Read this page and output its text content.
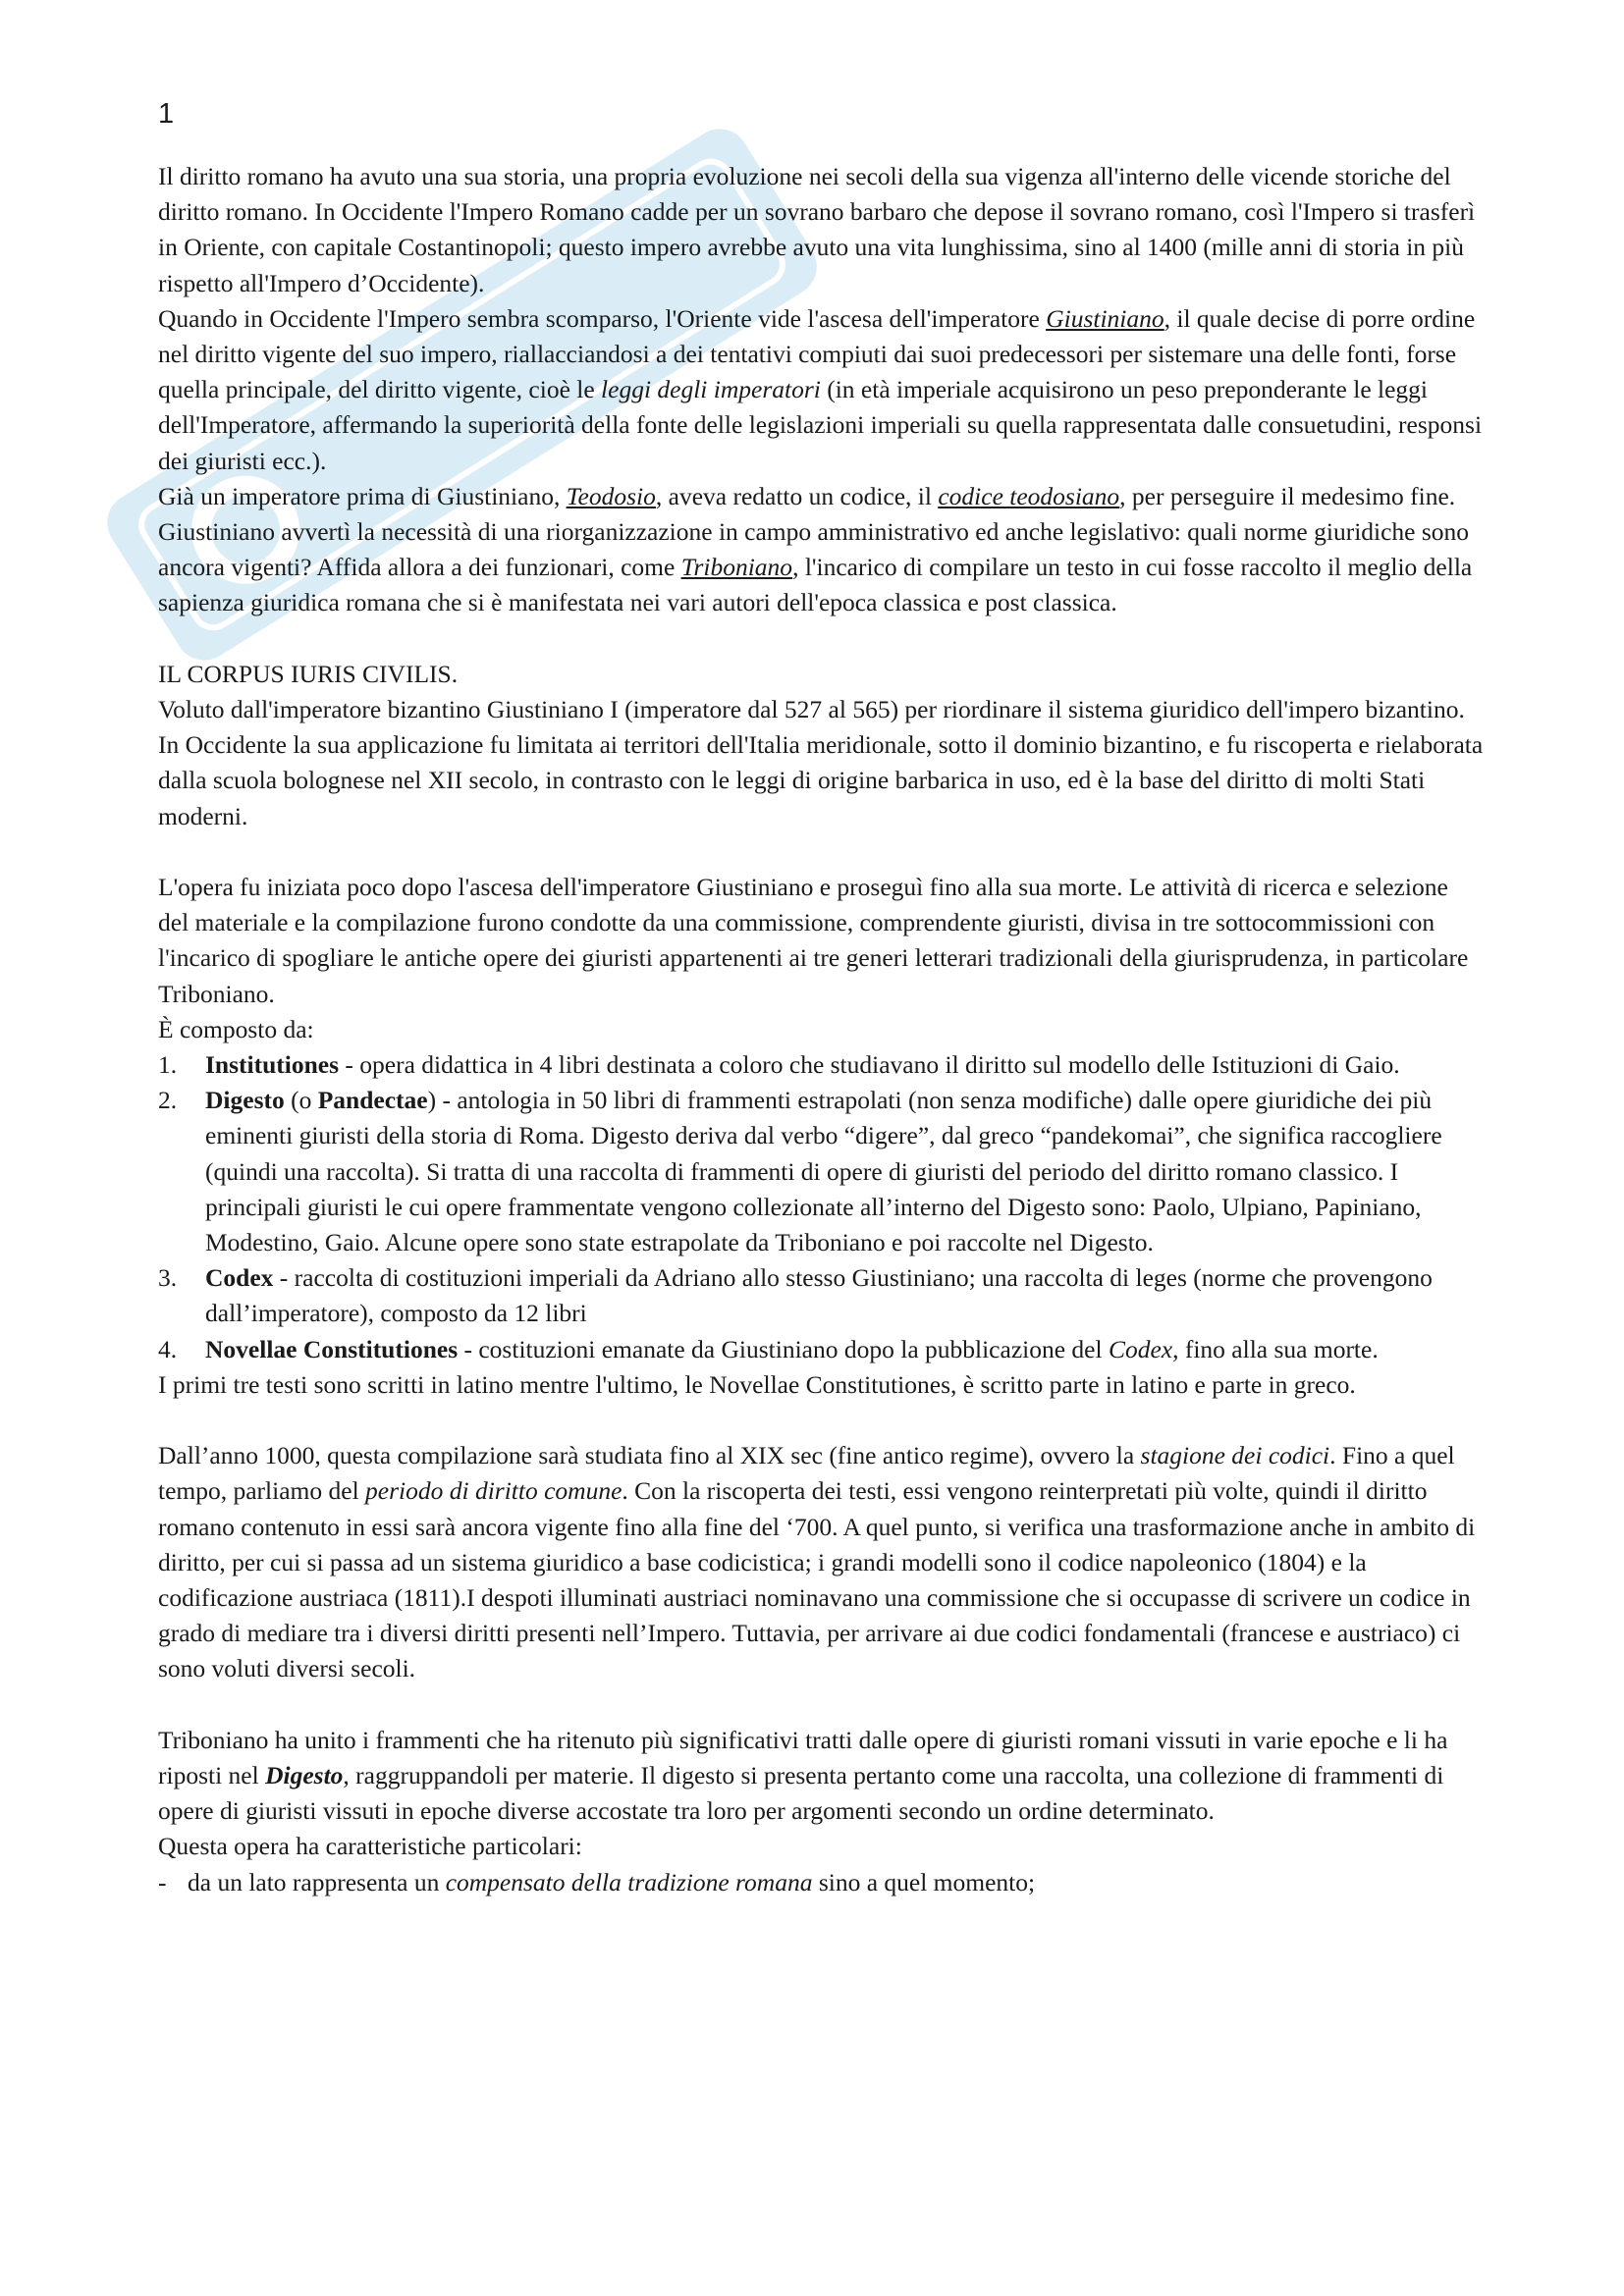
1

Il diritto romano ha avuto una sua storia, una propria evoluzione nei secoli della sua vigenza all'interno delle vicende storiche del diritto romano. In Occidente l'Impero Romano cadde per un sovrano barbaro che depose il sovrano romano, così l'Impero si trasferì in Oriente, con capitale Costantinopoli; questo impero avrebbe avuto una vita lunghissima, sino al 1400 (mille anni di storia in più rispetto all'Impero d’Occidente).

Quando in Occidente l'Impero sembra scomparso, l'Oriente vide l'ascesa dell'imperatore Giustiniano, il quale decise di porre ordine nel diritto vigente del suo impero, riallacciandosi a dei tentativi compiuti dai suoi predecessori per sistemare una delle fonti, forse quella principale, del diritto vigente, cioè le leggi degli imperatori (in età imperiale acquisirono un peso preponderante le leggi dell'Imperatore, affermando la superiorità della fonte delle legislazioni imperiali su quella rappresentata dalle consuetudini, responsi dei giuristi ecc.).

Già un imperatore prima di Giustiniano, Teodosio, aveva redatto un codice, il codice teodosiano, per perseguire il medesimo fine. Giustiniano avvertì la necessità di una riorganizzazione in campo amministrativo ed anche legislativo: quali norme giuridiche sono ancora vigenti? Affida allora a dei funzionari, come Triboniano, l'incarico di compilare un testo in cui fosse raccolto il meglio della sapienza giuridica romana che si è manifestata nei vari autori dell'epoca classica e post classica.

IL CORPUS IURIS CIVILIS.

Voluto dall'imperatore bizantino Giustiniano I (imperatore dal 527 al 565) per riordinare il sistema giuridico dell'impero bizantino. In Occidente la sua applicazione fu limitata ai territori dell'Italia meridionale, sotto il dominio bizantino, e fu riscoperta e rielaborata dalla scuola bolognese nel XII secolo, in contrasto con le leggi di origine barbarica in uso, ed è la base del diritto di molti Stati moderni.

L'opera fu iniziata poco dopo l'ascesa dell'imperatore Giustiniano e proseguì fino alla sua morte. Le attività di ricerca e selezione del materiale e la compilazione furono condotte da una commissione, comprendente giuristi, divisa in tre sottocommissioni con l'incarico di spogliare le antiche opere dei giuristi appartenenti ai tre generi letterari tradizionali della giurisprudenza, in particolare Triboniano.

È composto da:

1. Institutiones - opera didattica in 4 libri destinata a coloro che studiavano il diritto sul modello delle Istituzioni di Gaio.
2. Digesto (o Pandectae) - antologia in 50 libri di frammenti estrapolati (non senza modifiche) dalle opere giuridiche dei più eminenti giuristi della storia di Roma. Digesto deriva dal verbo “digere”, dal greco “pandekomai”, che significa raccogliere (quindi una raccolta). Si tratta di una raccolta di frammenti di opere di giuristi del periodo del diritto romano classico. I principali giuristi le cui opere frammentate vengono collezionate all’interno del Digesto sono: Paolo, Ulpiano, Papiniano, Modestino, Gaio. Alcune opere sono state estrapolate da Triboniano e poi raccolte nel Digesto.
3. Codex - raccolta di costituzioni imperiali da Adriano allo stesso Giustiniano; una raccolta di leges (norme che provengono dall’imperatore), composto da 12 libri
4. Novellae Constitutiones - costituzioni emanate da Giustiniano dopo la pubblicazione del Codex, fino alla sua morte.

I primi tre testi sono scritti in latino mentre l'ultimo, le Novellae Constitutiones, è scritto parte in latino e parte in greco.

Dall’anno 1000, questa compilazione sarà studiata fino al XIX sec (fine antico regime), ovvero la stagione dei codici. Fino a quel tempo, parliamo del periodo di diritto comune. Con la riscoperta dei testi, essi vengono reinterpretati più volte, quindi il diritto romano contenuto in essi sarà ancora vigente fino alla fine del ‘700. A quel punto, si verifica una trasformazione anche in ambito di diritto, per cui si passa ad un sistema giuridico a base codicistica; i grandi modelli sono il codice napoleonico (1804) e la codificazione austriaca (1811).I despoti illuminati austriaci nominavano una commissione che si occupasse di scrivere un codice in grado di mediare tra i diversi diritti presenti nell’Impero. Tuttavia, per arrivare ai due codici fondamentali (francese e austriaco) ci sono voluti diversi secoli.

Triboniano ha unito i frammenti che ha ritenuto più significativi tratti dalle opere di giuristi romani vissuti in varie epoche e li ha riposti nel Digesto, raggruppandoli per materie. Il digesto si presenta pertanto come una raccolta, una collezione di frammenti di opere di giuristi vissuti in epoche diverse accostate tra loro per argomenti secondo un ordine determinato.

Questa opera ha caratteristiche particolari:

- da un lato rappresenta un compensato della tradizione romana sino a quel momento;
